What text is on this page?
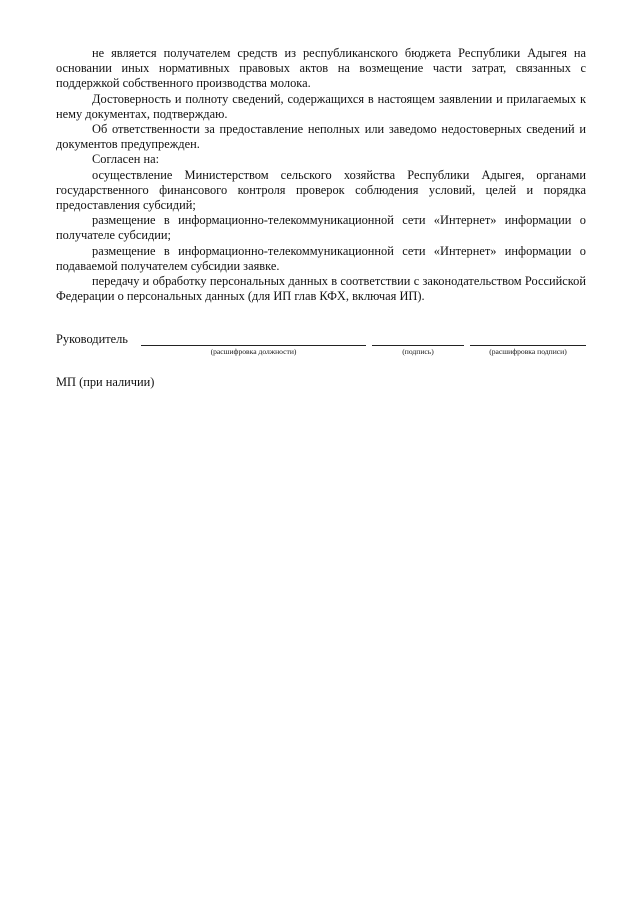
не является получателем средств из республиканского бюджета Республики Адыгея на основании иных нормативных правовых актов на возмещение части затрат, связанных с поддержкой собственного производства молока.

Достоверность и полноту сведений, содержащихся в настоящем заявлении и прилагаемых к нему документах, подтверждаю.

Об ответственности за предоставление неполных или заведомо недостоверных сведений и документов предупрежден.

Согласен на:

осуществление Министерством сельского хозяйства Республики Адыгея, органами государственного финансового контроля проверок соблюдения условий, целей и порядка предоставления субсидий;

размещение в информационно-телекоммуникационной сети «Интернет» информации о получателе субсидии;

размещение в информационно-телекоммуникационной сети «Интернет» информации о подаваемой получателем субсидии заявке.

передачу и обработку персональных данных в соответствии с законодательством Российской Федерации о персональных данных (для ИП глав КФХ, включая ИП).

Руководитель
(расшифровка должности)	(подпись)	(расшифровка подписи)
МП (при наличии)
